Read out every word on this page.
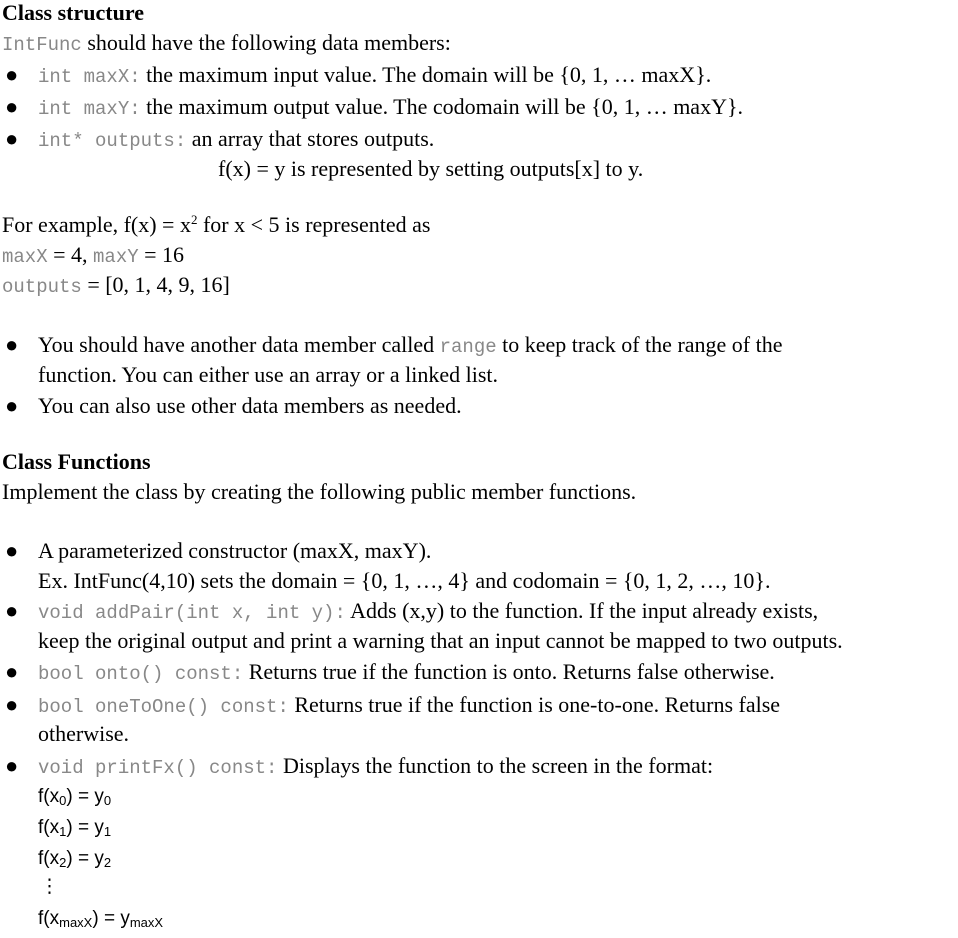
Class structure
IntFunc should have the following data members:
● int maxX: the maximum input value. The domain will be {0, 1, … maxX}.
● int maxY: the maximum output value. The codomain will be {0, 1, … maxY}.
● int* outputs: an array that stores outputs.
f(x) = y is represented by setting outputs[x] to y.
For example, $f(x) = x^2$ for x < 5 is represented as
maxX = 4, maxY = 16
outputs = [0, 1, 4, 9, 16]
● You should have another data member called range to keep track of the range of the
function. You can either use an array or a linked list.
● You can also use other data members as needed.
Class Functions
Implement the class by creating the following public member functions.
● A parameterized constructor (maxX, maxY).
Ex. IntFunc(4,10) sets the domain = {0, 1, …, 4} and codomain = {0, 1, 2, …, 10}.
● void addPair(int x, int y): Adds (x,y) to the function. If the input already exists,
keep the original output and print a warning that an input cannot be mapped to two outputs.
● bool onto() const: Returns true if the function is onto. Returns false otherwise.
● bool oneToOne() const: Returns true if the function is one-to-one. Returns false
otherwise.
● void printFx() const: Displays the function to the screen in the format:
$f(x_0) = y_0$
$f(x_1) = y_1$
$f(x_2) = y_2$
⋮
$f(x_{maxX}) = y_{maxX}$
